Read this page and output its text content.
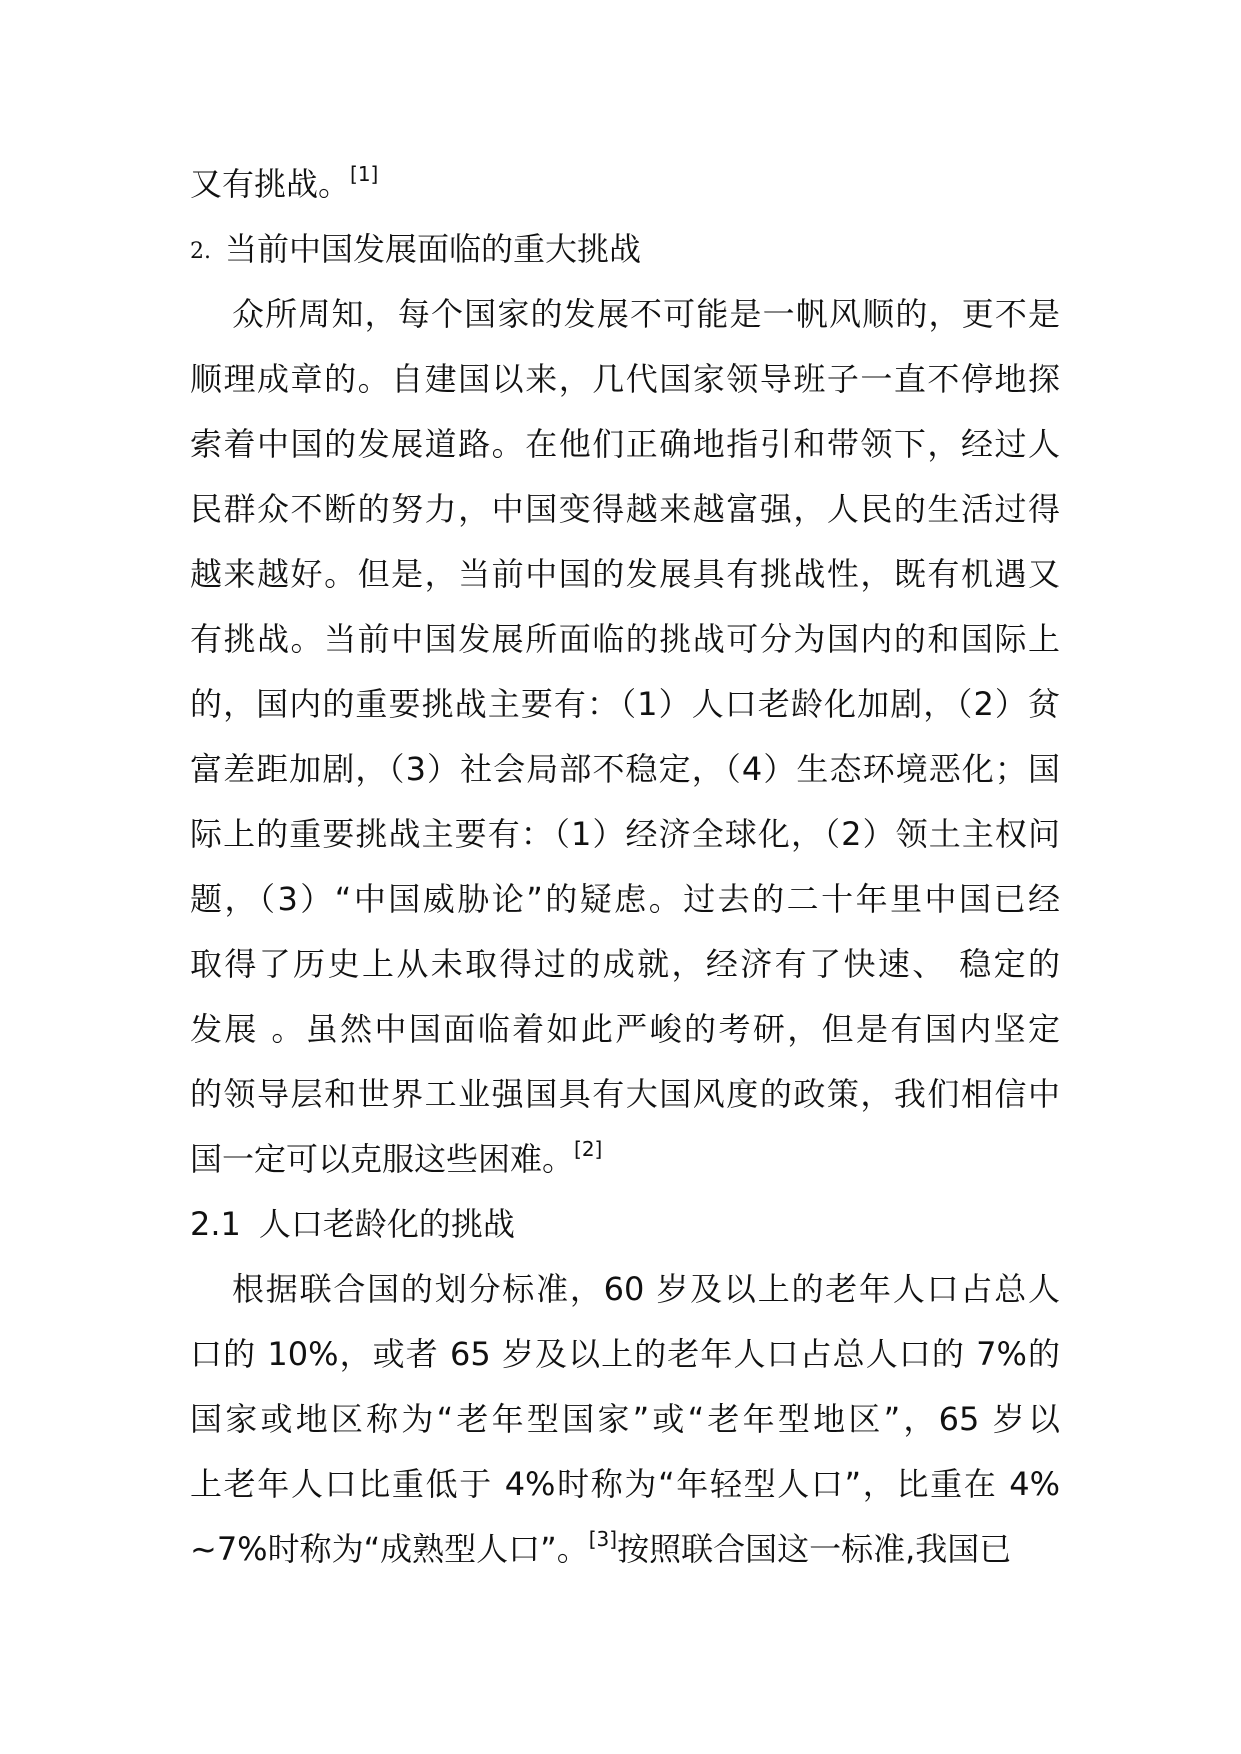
又有挑战。[1]
2. 当前中国发展面临的重大挑战
众所周知，每个国家的发展不可能是一帆风顺的，更不是
顺理成章的。自建国以来，几代国家领导班子一直不停地探
索着中国的发展道路。在他们正确地指引和带领下，经过人
民群众不断的努力，中国变得越来越富强，人民的生活过得
越来越好。但是，当前中国的发展具有挑战性，既有机遇又
有挑战。当前中国发展所面临的挑战可分为国内的和国际上
的，国内的重要挑战主要有：（1）人口老龄化加剧，（2）贫
富差距加剧，（3）社会局部不稳定，（4）生态环境恶化；国
际上的重要挑战主要有：（1）经济全球化，（2）领土主权问
题，（3）“中国威胁论”的疑虑。过去的二十年里中国已经
取得了历史上从未取得过的成就，经济有了快速、 稳定的
发展 。虽然中国面临着如此严峻的考研，但是有国内坚定
的领导层和世界工业强国具有大国风度的政策，我们相信中
国一定可以克服这些困难。[2]
2.1 人口老龄化的挑战
根据联合国的划分标准，60 岁及以上的老年人口占总人
口的 10%，或者 65 岁及以上的老年人口占总人口的 7%的
国家或地区称为“老年型国家”或“老年型地区”，65 岁以
上老年人口比重低于 4%时称为“年轻型人口”，比重在 4%
~7%时称为“成熟型人口”。[3]按照联合国这一标准,我国已
